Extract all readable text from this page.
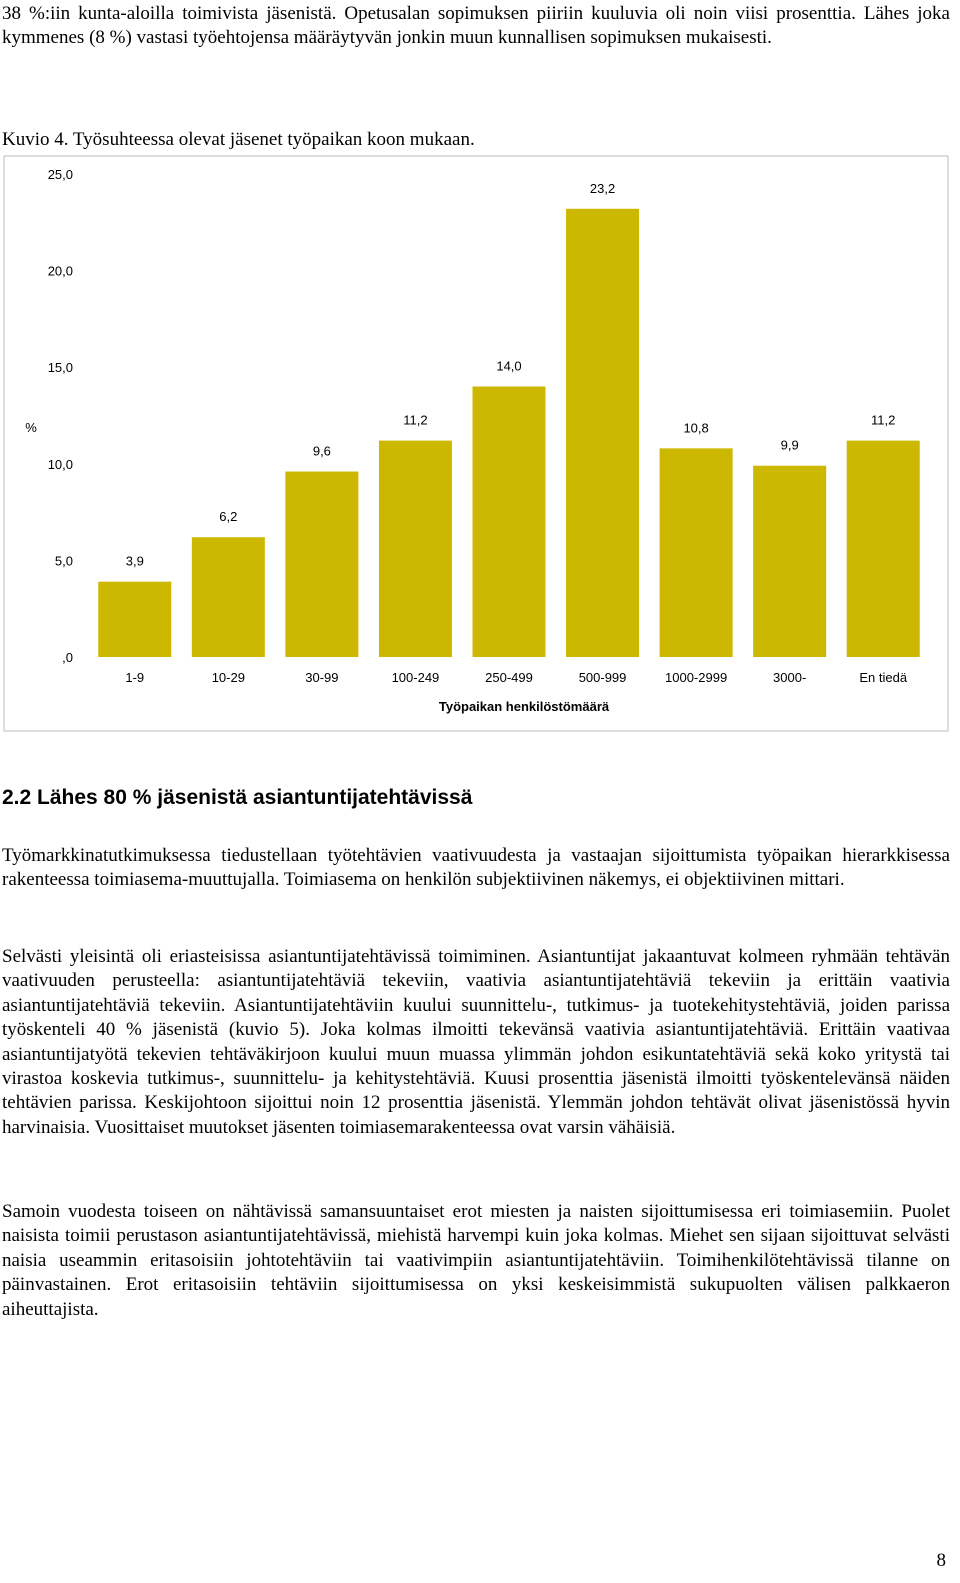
38 %:iin kunta-aloilla toimivista jäsenistä. Opetusalan sopimuksen piiriin kuuluvia oli noin viisi prosenttia. Lähes joka kymmenes (8 %) vastasi työehtojensa määräytyvän jonkin muun kunnallisen sopimuksen mukaisesti.

Kuvio 4. Työsuhteessa olevat jäsenet työpaikan koon mukaan.

,0
5,0
10,0
15,0
20,0
25,0
%
3,9
6,2
9,6
11,2
14,0
23,2
10,8
9,9
11,2
1-9	10-29	30-99	100-249	250-499	500-999	1000-2999	3000-	En tiedä
Työpaikan henkilöstömäärä
2.2 Lähes 80 % jäsenistä asiantuntijatehtävissä

Työmarkkinatutkimuksessa tiedustellaan työtehtävien vaativuudesta ja vastaajan sijoittumista työpaikan hierarkkisessa rakenteessa toimiasema-muuttujalla. Toimiasema on henkilön subjektiivinen näkemys, ei objektiivinen mittari.

Selvästi yleisintä oli eriasteisissa asiantuntijatehtävissä toimiminen. Asiantuntijat jakaantuvat kolmeen ryhmään tehtävän vaativuuden perusteella: asiantuntijatehtäviä tekeviin, vaativia asiantuntijatehtäviä tekeviin ja erittäin vaativia asiantuntijatehtäviä tekeviin. Asiantuntijatehtäviin kuului suunnittelu-, tutkimus- ja tuotekehitystehtäviä, joiden parissa työskenteli 40 % jäsenistä (kuvio 5). Joka kolmas ilmoitti tekevänsä vaativia asiantuntijatehtäviä. Erittäin vaativaa asiantuntijatyötä tekevien tehtäväkirjoon kuului muun muassa ylimmän johdon esikuntatehtäviä sekä koko yritystä tai virastoa koskevia tutkimus-, suunnittelu- ja kehitystehtäviä. Kuusi prosenttia jäsenistä ilmoitti työskentelevänsä näiden tehtävien parissa. Keskijohtoon sijoittui noin 12 prosenttia jäsenistä. Ylemmän johdon tehtävät olivat jäsenistössä hyvin harvinaisia. Vuosittaiset muutokset jäsenten toimiasemarakenteessa ovat varsin vähäisiä.

Samoin vuodesta toiseen on nähtävissä samansuuntaiset erot miesten ja naisten sijoittumisessa eri toimiasemiin. Puolet naisista toimii perustason asiantuntijatehtävissä, miehistä harvempi kuin joka kolmas. Miehet sen sijaan sijoittuvat selvästi naisia useammin eritasoisiin johtotehtäviin tai vaativimpiin asiantuntijatehtäviin. Toimihenkilötehtävissä tilanne on päinvastainen. Erot eritasoisiin tehtäviin sijoittumisessa on yksi keskeisimmistä sukupuolten välisen palkkaeron aiheuttajista.

8
